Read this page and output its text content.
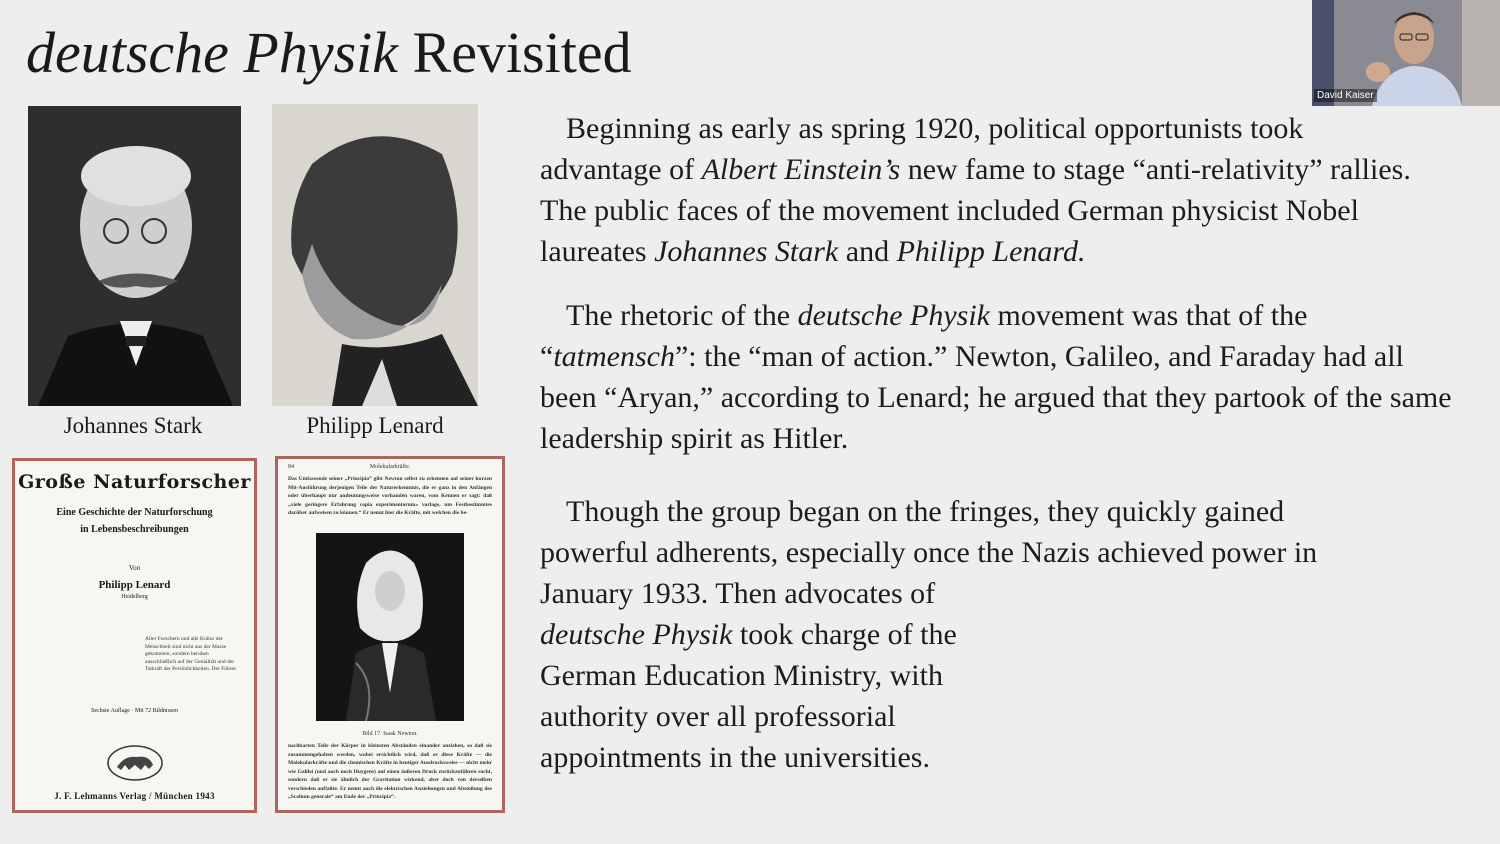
deutsche Physik Revisited
Johannes Stark	Philipp Lenard
Große Naturforscher
Eine Geschichte der Naturforschung
in Lebensbeschreibungen
Von
Philipp Lenard
Heidelberg
Aller Forschern und alle Kultur der Menschheit sind nicht aus der Masse gekommen, sondern beruhen ausschließlich auf der Genialität und der Tatkraft der Persönlichkeiten. Der Führer.
Sechste Auflage · Mit 72 Bildnissen
J. F. Lehmanns Verlag / München 1943
84	Molekularkräfte.
Das Umfassende seiner „Principia“ gibt Newton selbst zu erkennen auf seiner kurzen Mit-Ausführung derjenigen Teile der Naturerkenntnis, die er ganz in den Anfängen oder überhaupt nur andeutungsweise vorhanden waren, vom Kennen er sagt: daß „viele geringere Erfahrung copia experimentorum« vorlage, um Festbestimmtes darüber aufweisen zu können.“ Er nennt hier die Kräfte, mit welchen die be-
Bild 17. Isaak Newton.
nachbarten Teile der Körper in kleinsten Abständen einander anziehen, so daß sie zusammengehalten werden, wobei ersichtlich wird, daß er diese Kräfte — die Molekularkräfte und die chemischen Kräfte in heutiger Ausdrucksweise — nicht mehr wie Galilei (und auch noch Huygens) auf einen äußeren Druck zurückzuführen sucht, sondern daß er sie ähnlich der Gravitation wirkend, aber doch von derselben verschieden auffaßte. Er nennt auch die elektrischen Anziehungen und Abstoßung des „Scolium generale“ am Ende der „Principia“.

Beginning as early as spring 1920, political opportunists took advantage of Albert Einstein’s new fame to stage “anti-relativity” rallies. The public faces of the movement included German physicist Nobel laureates Johannes Stark and Philipp Lenard.

The rhetoric of the deutsche Physik movement was that of the “tatmensch”: the “man of action.” Newton, Galileo, and Faraday had all been “Aryan,” according to Lenard; he argued that they partook of the same leadership spirit as Hitler.

Though the group began on the fringes, they quickly gained

powerful adherents, especially once the Nazis achieved power in

January 1933. Then advocates of

deutsche Physik took charge of the

German Education Ministry, with

authority over all professorial

appointments in the universities.

David Kaiser
